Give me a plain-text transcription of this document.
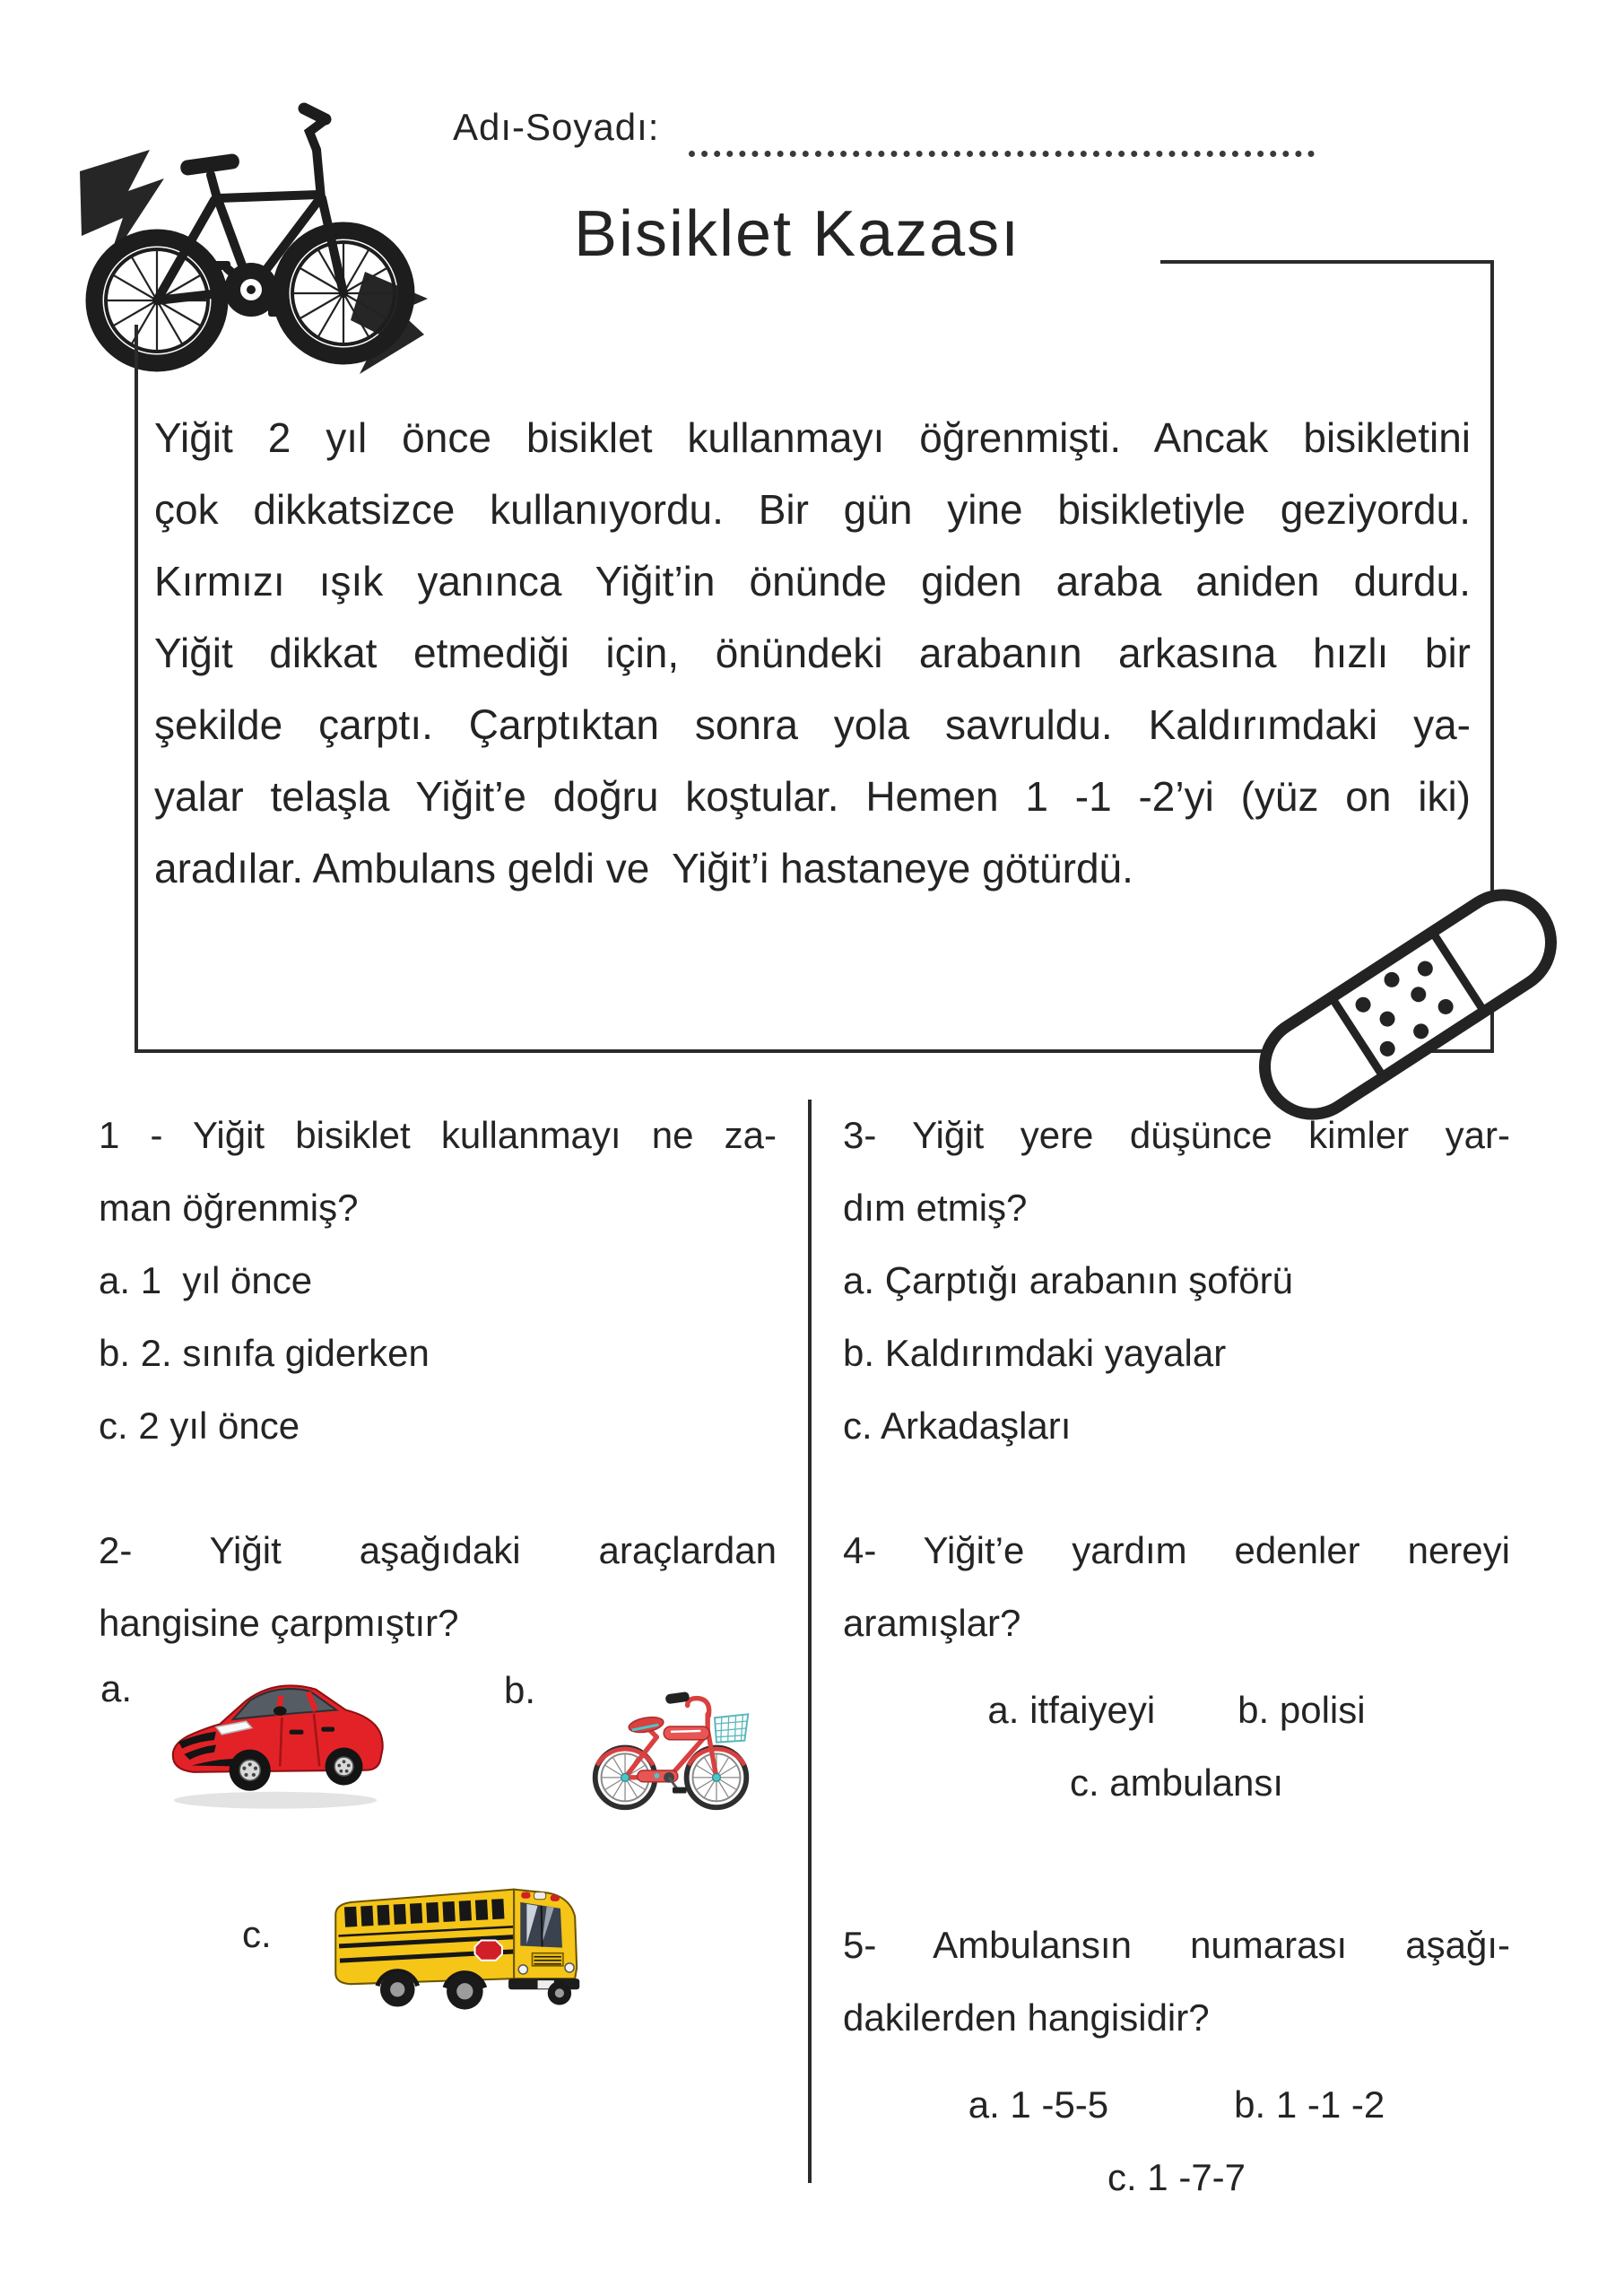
Adı-Soyadı:
Bisiklet Kazası
Yiğit 2 yıl önce bisiklet kullanmayı öğrenmişti. Ancak bisikletini
çok dikkatsizce kullanıyordu. Bir gün yine bisikletiyle geziyordu.
Kırmızı ışık yanınca Yiğit’in önünde giden araba aniden durdu.
Yiğit dikkat etmediği için, önündeki arabanın arkasına hızlı bir
şekilde çarptı. Çarptıktan sonra yola savruldu. Kaldırımdaki ya-
yalar telaşla Yiğit’e doğru koştular. Hemen 1 -1 -2’yi (yüz on iki)
aradılar. Ambulans geldi ve  Yiğit’i hastaneye götürdü.
1 - Yiğit bisiklet kullanmayı ne za-
man öğrenmiş?
a. 1  yıl önce
b. 2. sınıfa giderken
c. 2 yıl önce
2- Yiğit aşağıdaki araçlardan
hangisine çarpmıştır?
a.	b.
c.
3- Yiğit yere düşünce kimler yar-
dım etmiş?
a. Çarptığı arabanın şoförü
b. Kaldırımdaki yayalar
c. Arkadaşları
4- Yiğit’e yardım edenler nereyi
aramışlar?
a. itfaiyeyi b. polisi
c. ambulansı
5- Ambulansın numarası aşağı-
dakilerden hangisidir?
a. 1 -5-5	b. 1 -1 -2
c. 1 -7-7
